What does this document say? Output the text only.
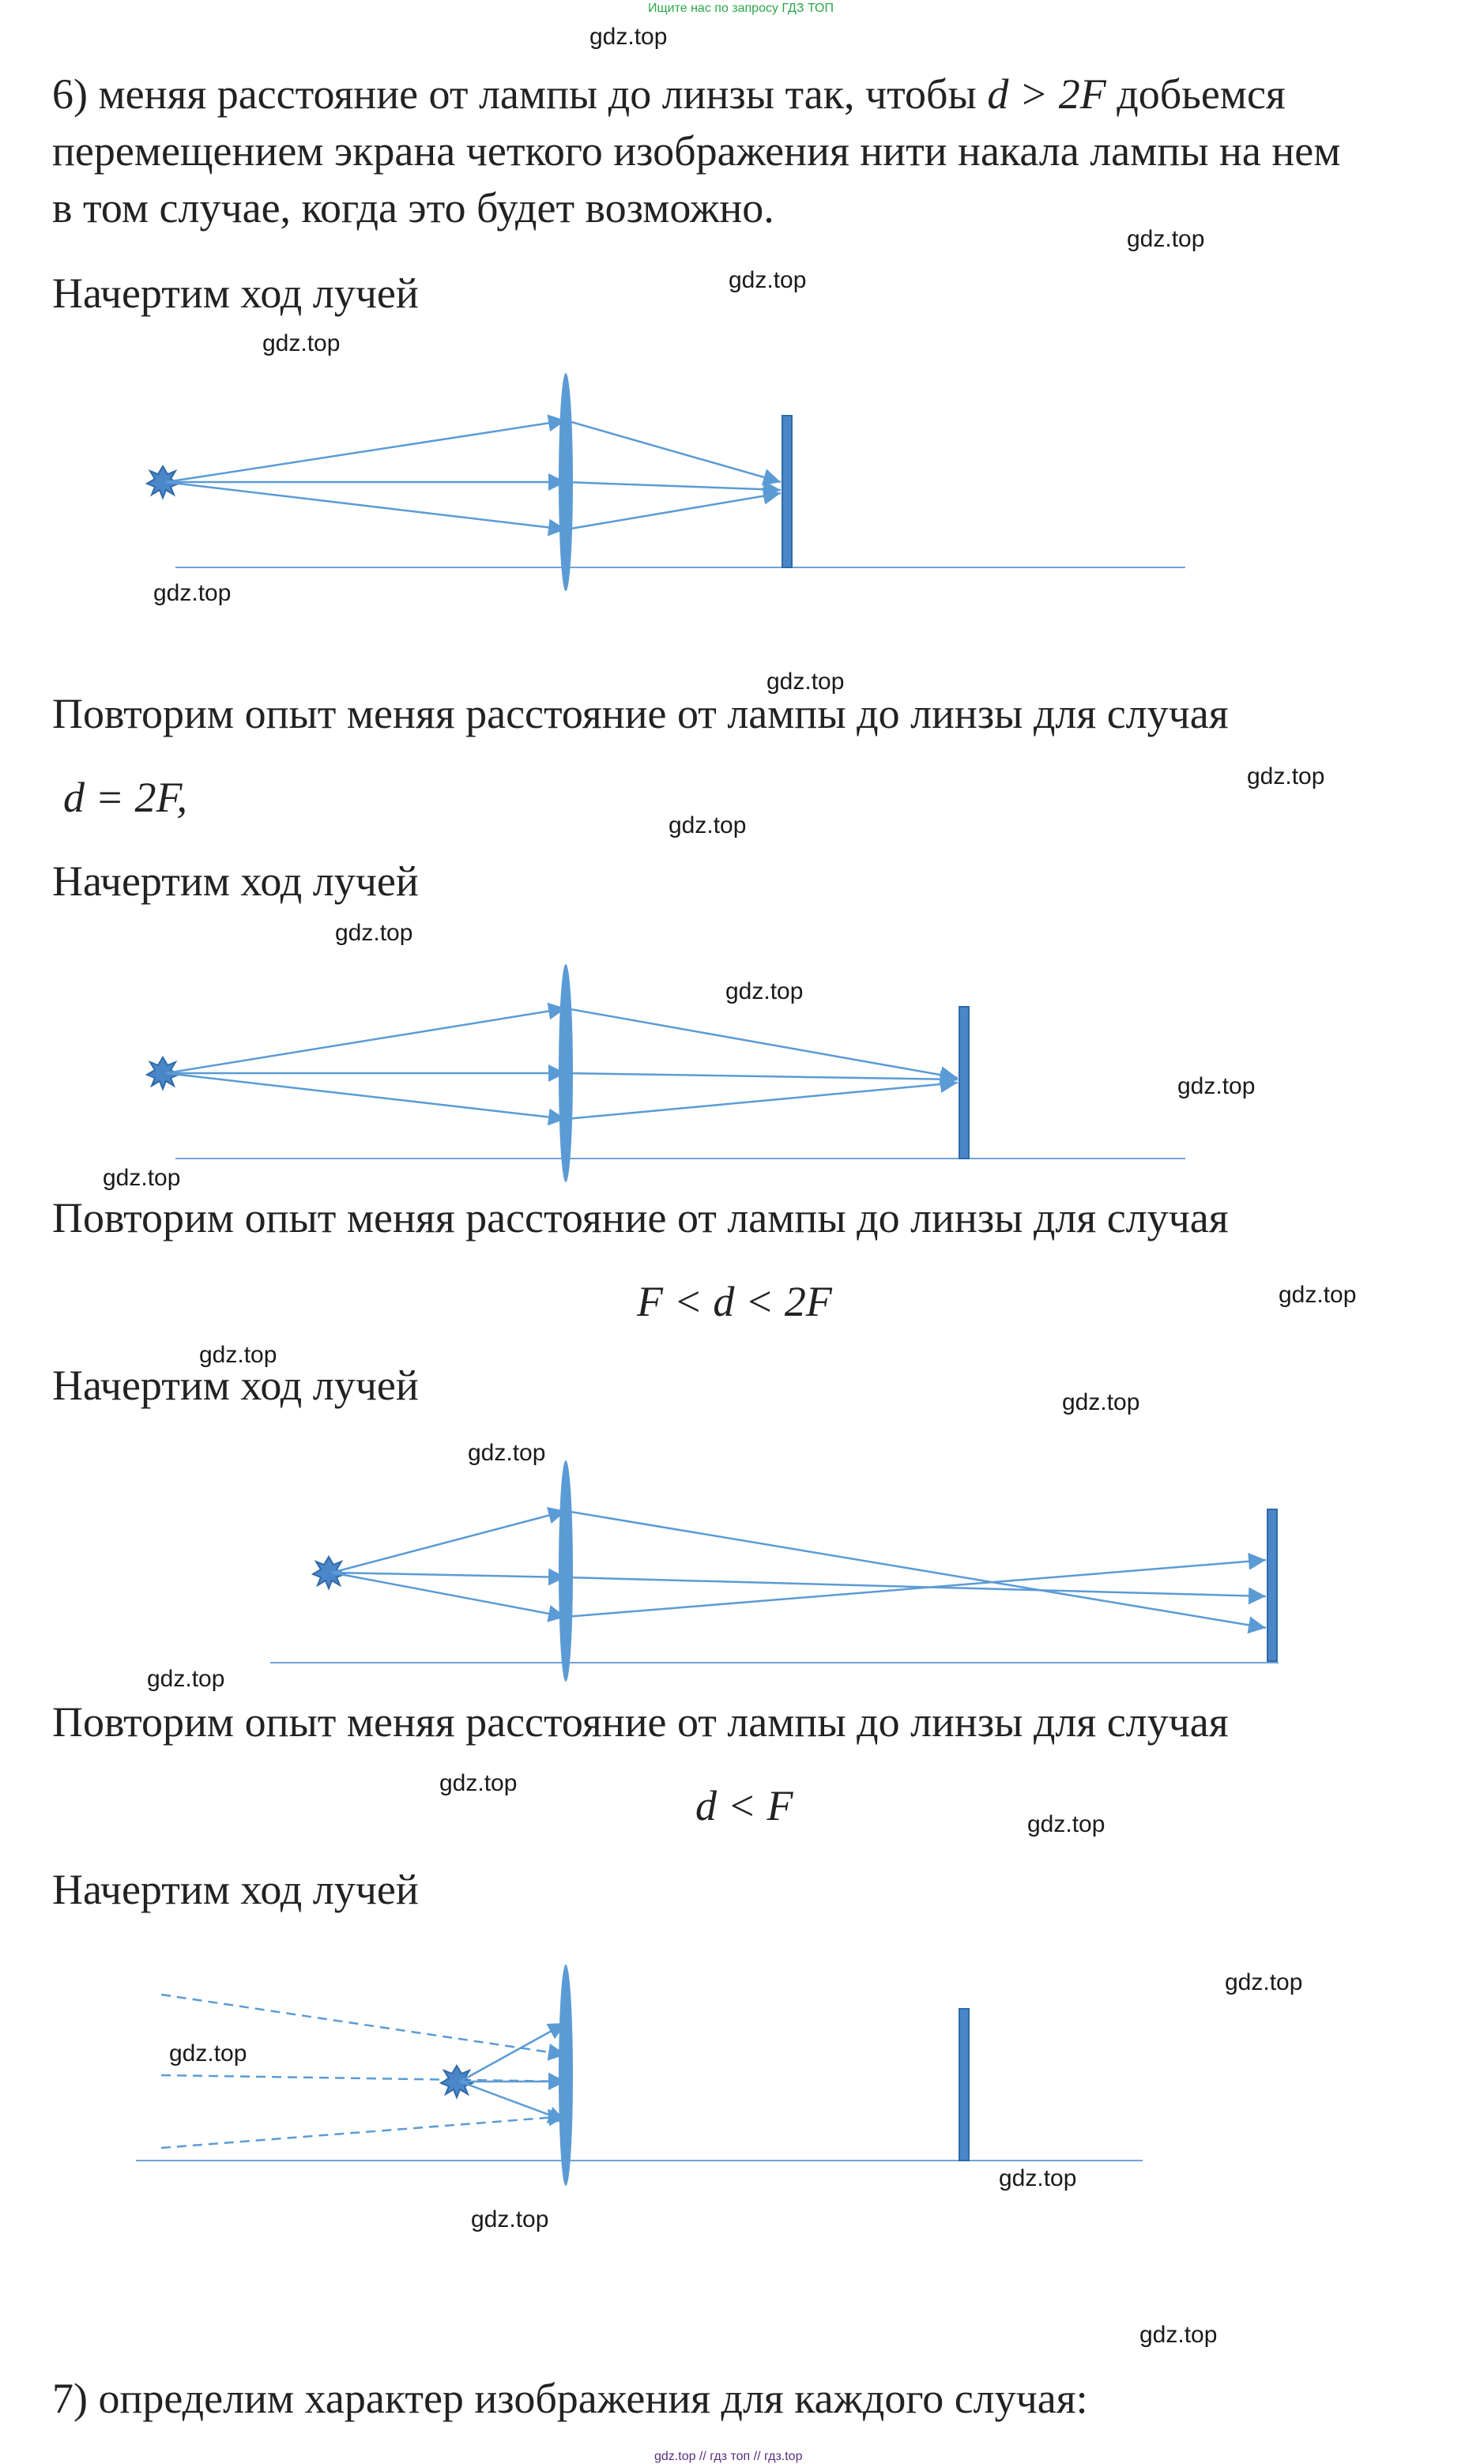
Ищите нас по запросу ГДЗ ТОП
gdz.top
gdz.top
gdz.top
gdz.top
gdz.top
gdz.top
gdz.top
gdz.top
gdz.top
gdz.top
gdz.top
gdz.top
gdz.top
gdz.top
gdz.top
gdz.top
gdz.top
gdz.top
gdz.top
gdz.top
gdz.top
gdz.top
gdz.top
gdz.top
6) меняя расстояние от лампы до линзы так, чтобы d > 2F добьемся
перемещением экрана четкого изображения нити накала лампы на нем
в том случае, когда это будет возможно.
Начертим ход лучей
Повторим опыт меняя расстояние от лампы до линзы для случая
d = 2F,
Начертим ход лучей
Повторим опыт меняя расстояние от лампы до линзы для случая
F < d < 2F
Начертим ход лучей
Повторим опыт меняя расстояние от лампы до линзы для случая
d < F
Начертим ход лучей
7) определим характер изображения для каждого случая:
gdz.top // гдз топ // гдз.top
